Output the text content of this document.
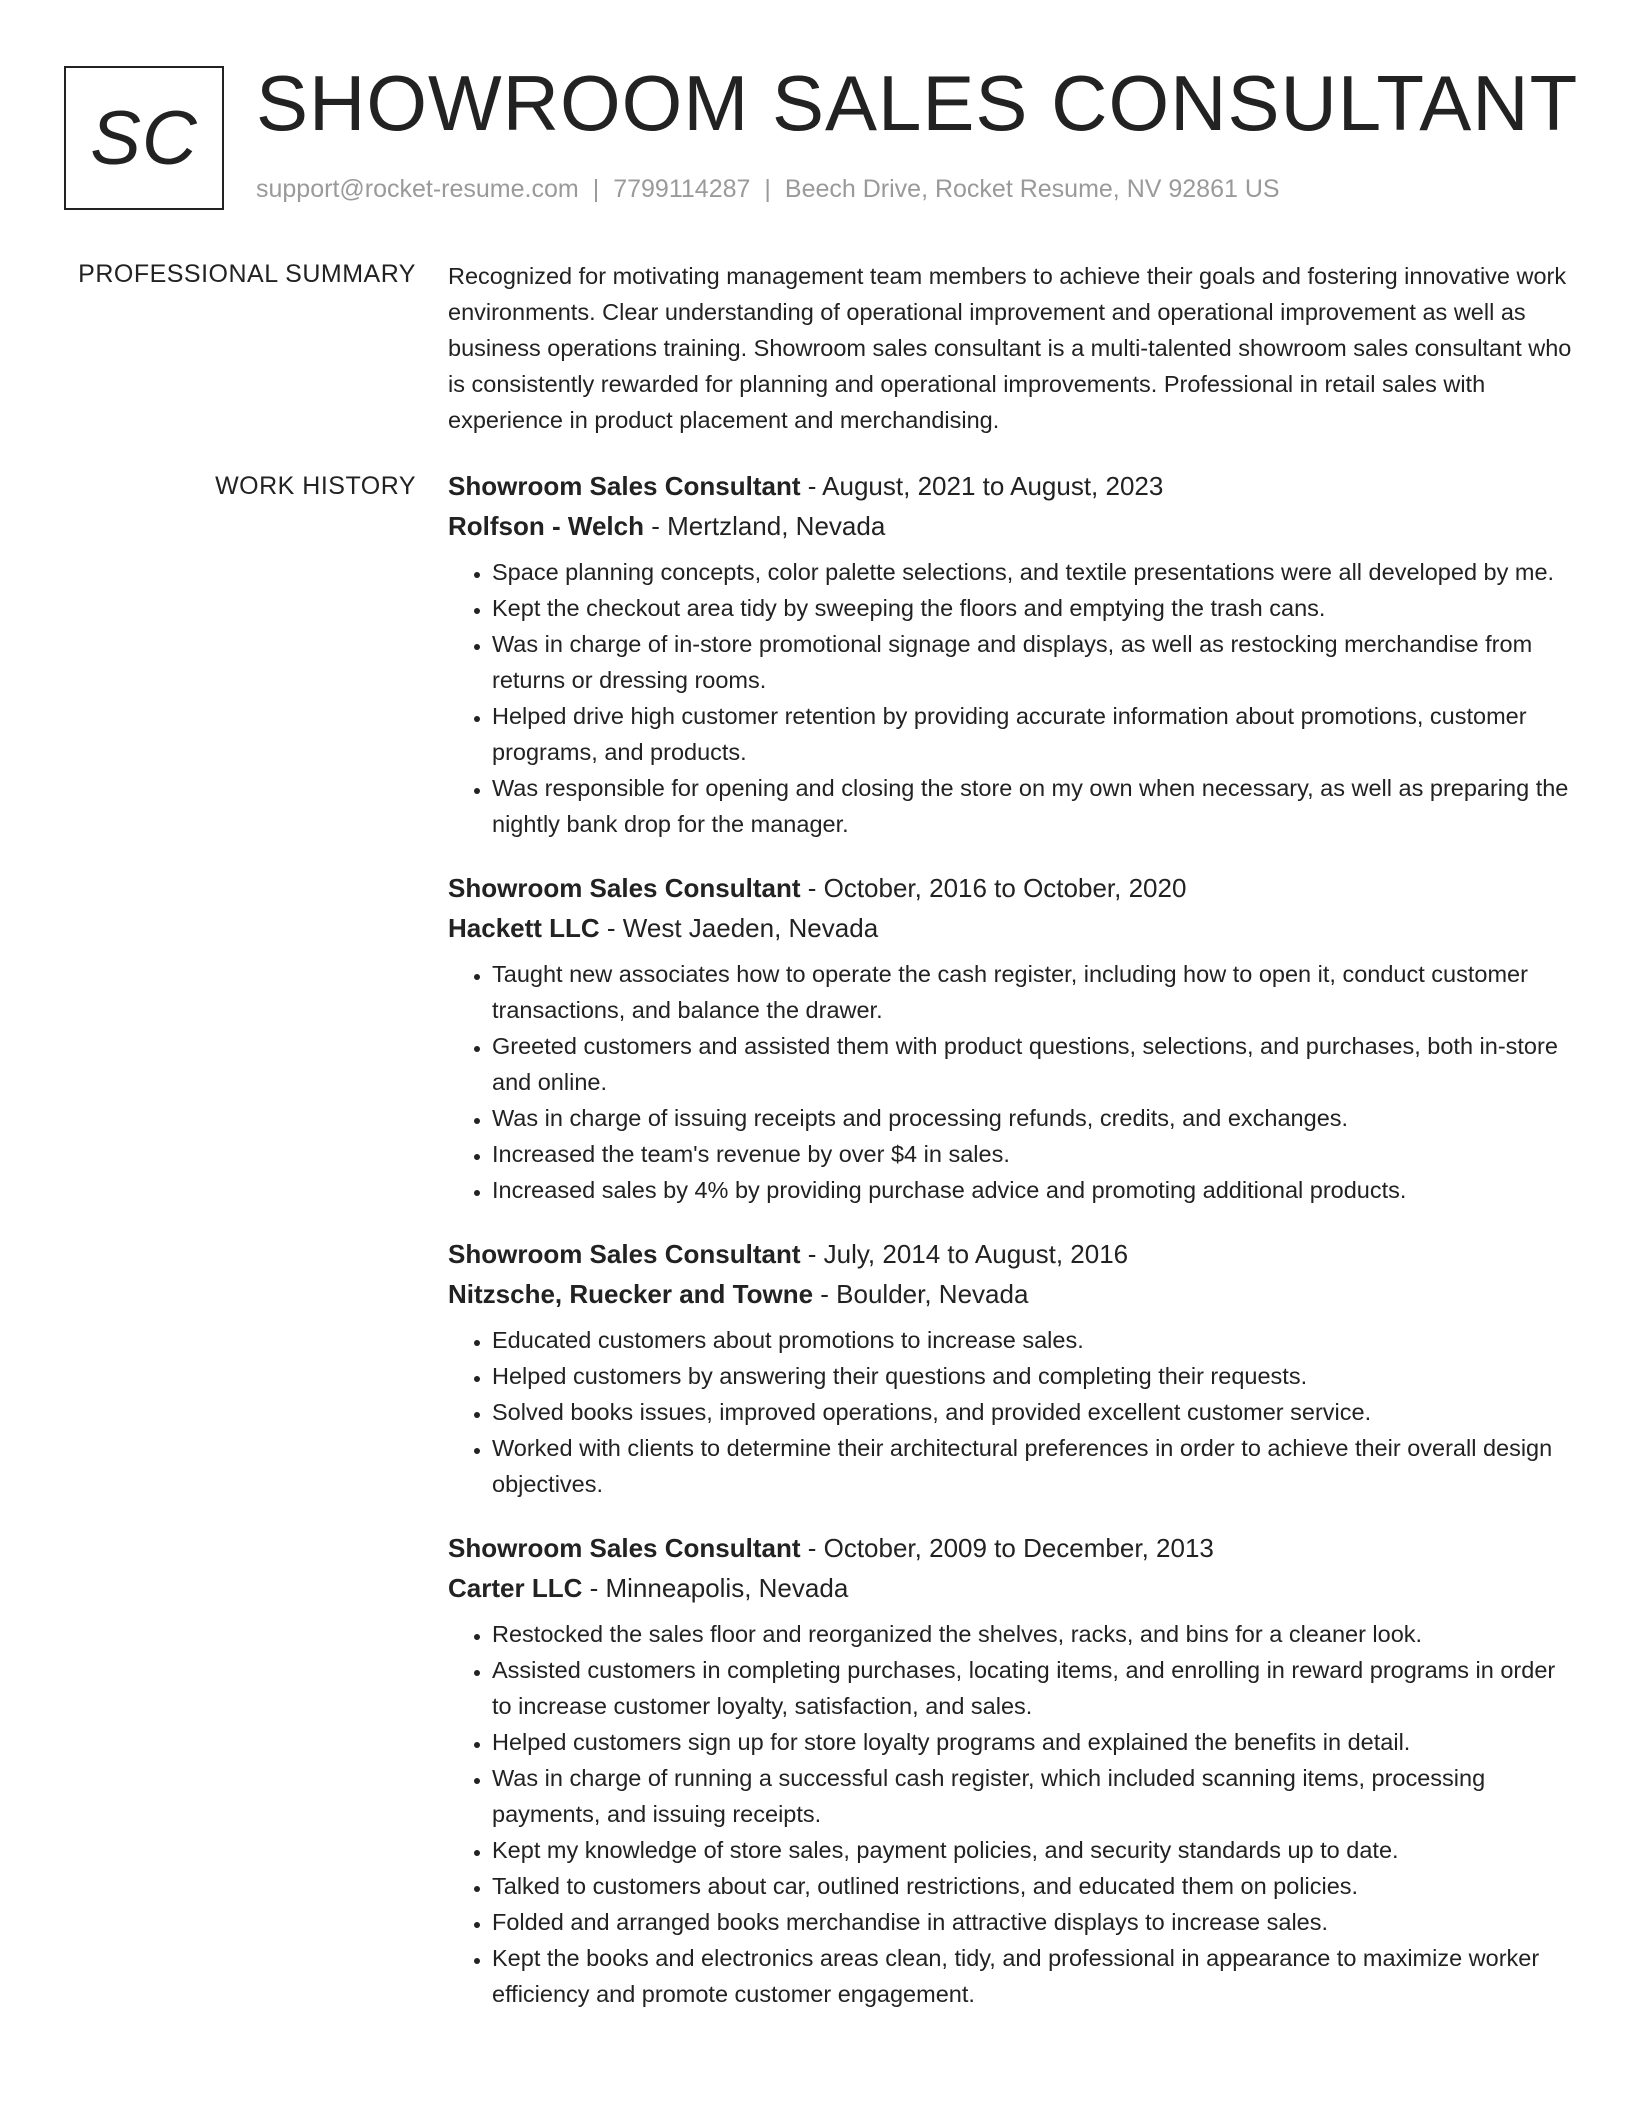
SC SHOWROOM SALES CONSULTANT
support@rocket-resume.com | 7799114287 | Beech Drive, Rocket Resume, NV 92861 US
PROFESSIONAL SUMMARY Recognized for motivating management team members to achieve their goals and fostering innovative work environments. Clear understanding of operational improvement and operational improvement as well as business operations training. Showroom sales consultant is a multi-talented showroom sales consultant who is consistently rewarded for planning and operational improvements. Professional in retail sales with experience in product placement and merchandising.
WORK HISTORY Showroom Sales Consultant - August, 2021 to August, 2023
Rolfson - Welch - Mertzland, Nevada
• Space planning concepts, color palette selections, and textile presentations were all developed by me.
• Kept the checkout area tidy by sweeping the floors and emptying the trash cans.
• Was in charge of in-store promotional signage and displays, as well as restocking merchandise from returns or dressing rooms.
• Helped drive high customer retention by providing accurate information about promotions, customer programs, and products.
• Was responsible for opening and closing the store on my own when necessary, as well as preparing the nightly bank drop for the manager.
Showroom Sales Consultant - October, 2016 to October, 2020
Hackett LLC - West Jaeden, Nevada
• Taught new associates how to operate the cash register, including how to open it, conduct customer transactions, and balance the drawer.
• Greeted customers and assisted them with product questions, selections, and purchases, both in-store and online.
• Was in charge of issuing receipts and processing refunds, credits, and exchanges.
• Increased the team's revenue by over $4 in sales.
• Increased sales by 4% by providing purchase advice and promoting additional products.
Showroom Sales Consultant - July, 2014 to August, 2016
Nitzsche, Ruecker and Towne - Boulder, Nevada
• Educated customers about promotions to increase sales.
• Helped customers by answering their questions and completing their requests.
• Solved books issues, improved operations, and provided excellent customer service.
• Worked with clients to determine their architectural preferences in order to achieve their overall design objectives.
Showroom Sales Consultant - October, 2009 to December, 2013
Carter LLC - Minneapolis, Nevada
• Restocked the sales floor and reorganized the shelves, racks, and bins for a cleaner look.
• Assisted customers in completing purchases, locating items, and enrolling in reward programs in order to increase customer loyalty, satisfaction, and sales.
• Helped customers sign up for store loyalty programs and explained the benefits in detail.
• Was in charge of running a successful cash register, which included scanning items, processing payments, and issuing receipts.
• Kept my knowledge of store sales, payment policies, and security standards up to date.
• Talked to customers about car, outlined restrictions, and educated them on policies.
• Folded and arranged books merchandise in attractive displays to increase sales.
• Kept the books and electronics areas clean, tidy, and professional in appearance to maximize worker efficiency and promote customer engagement.
